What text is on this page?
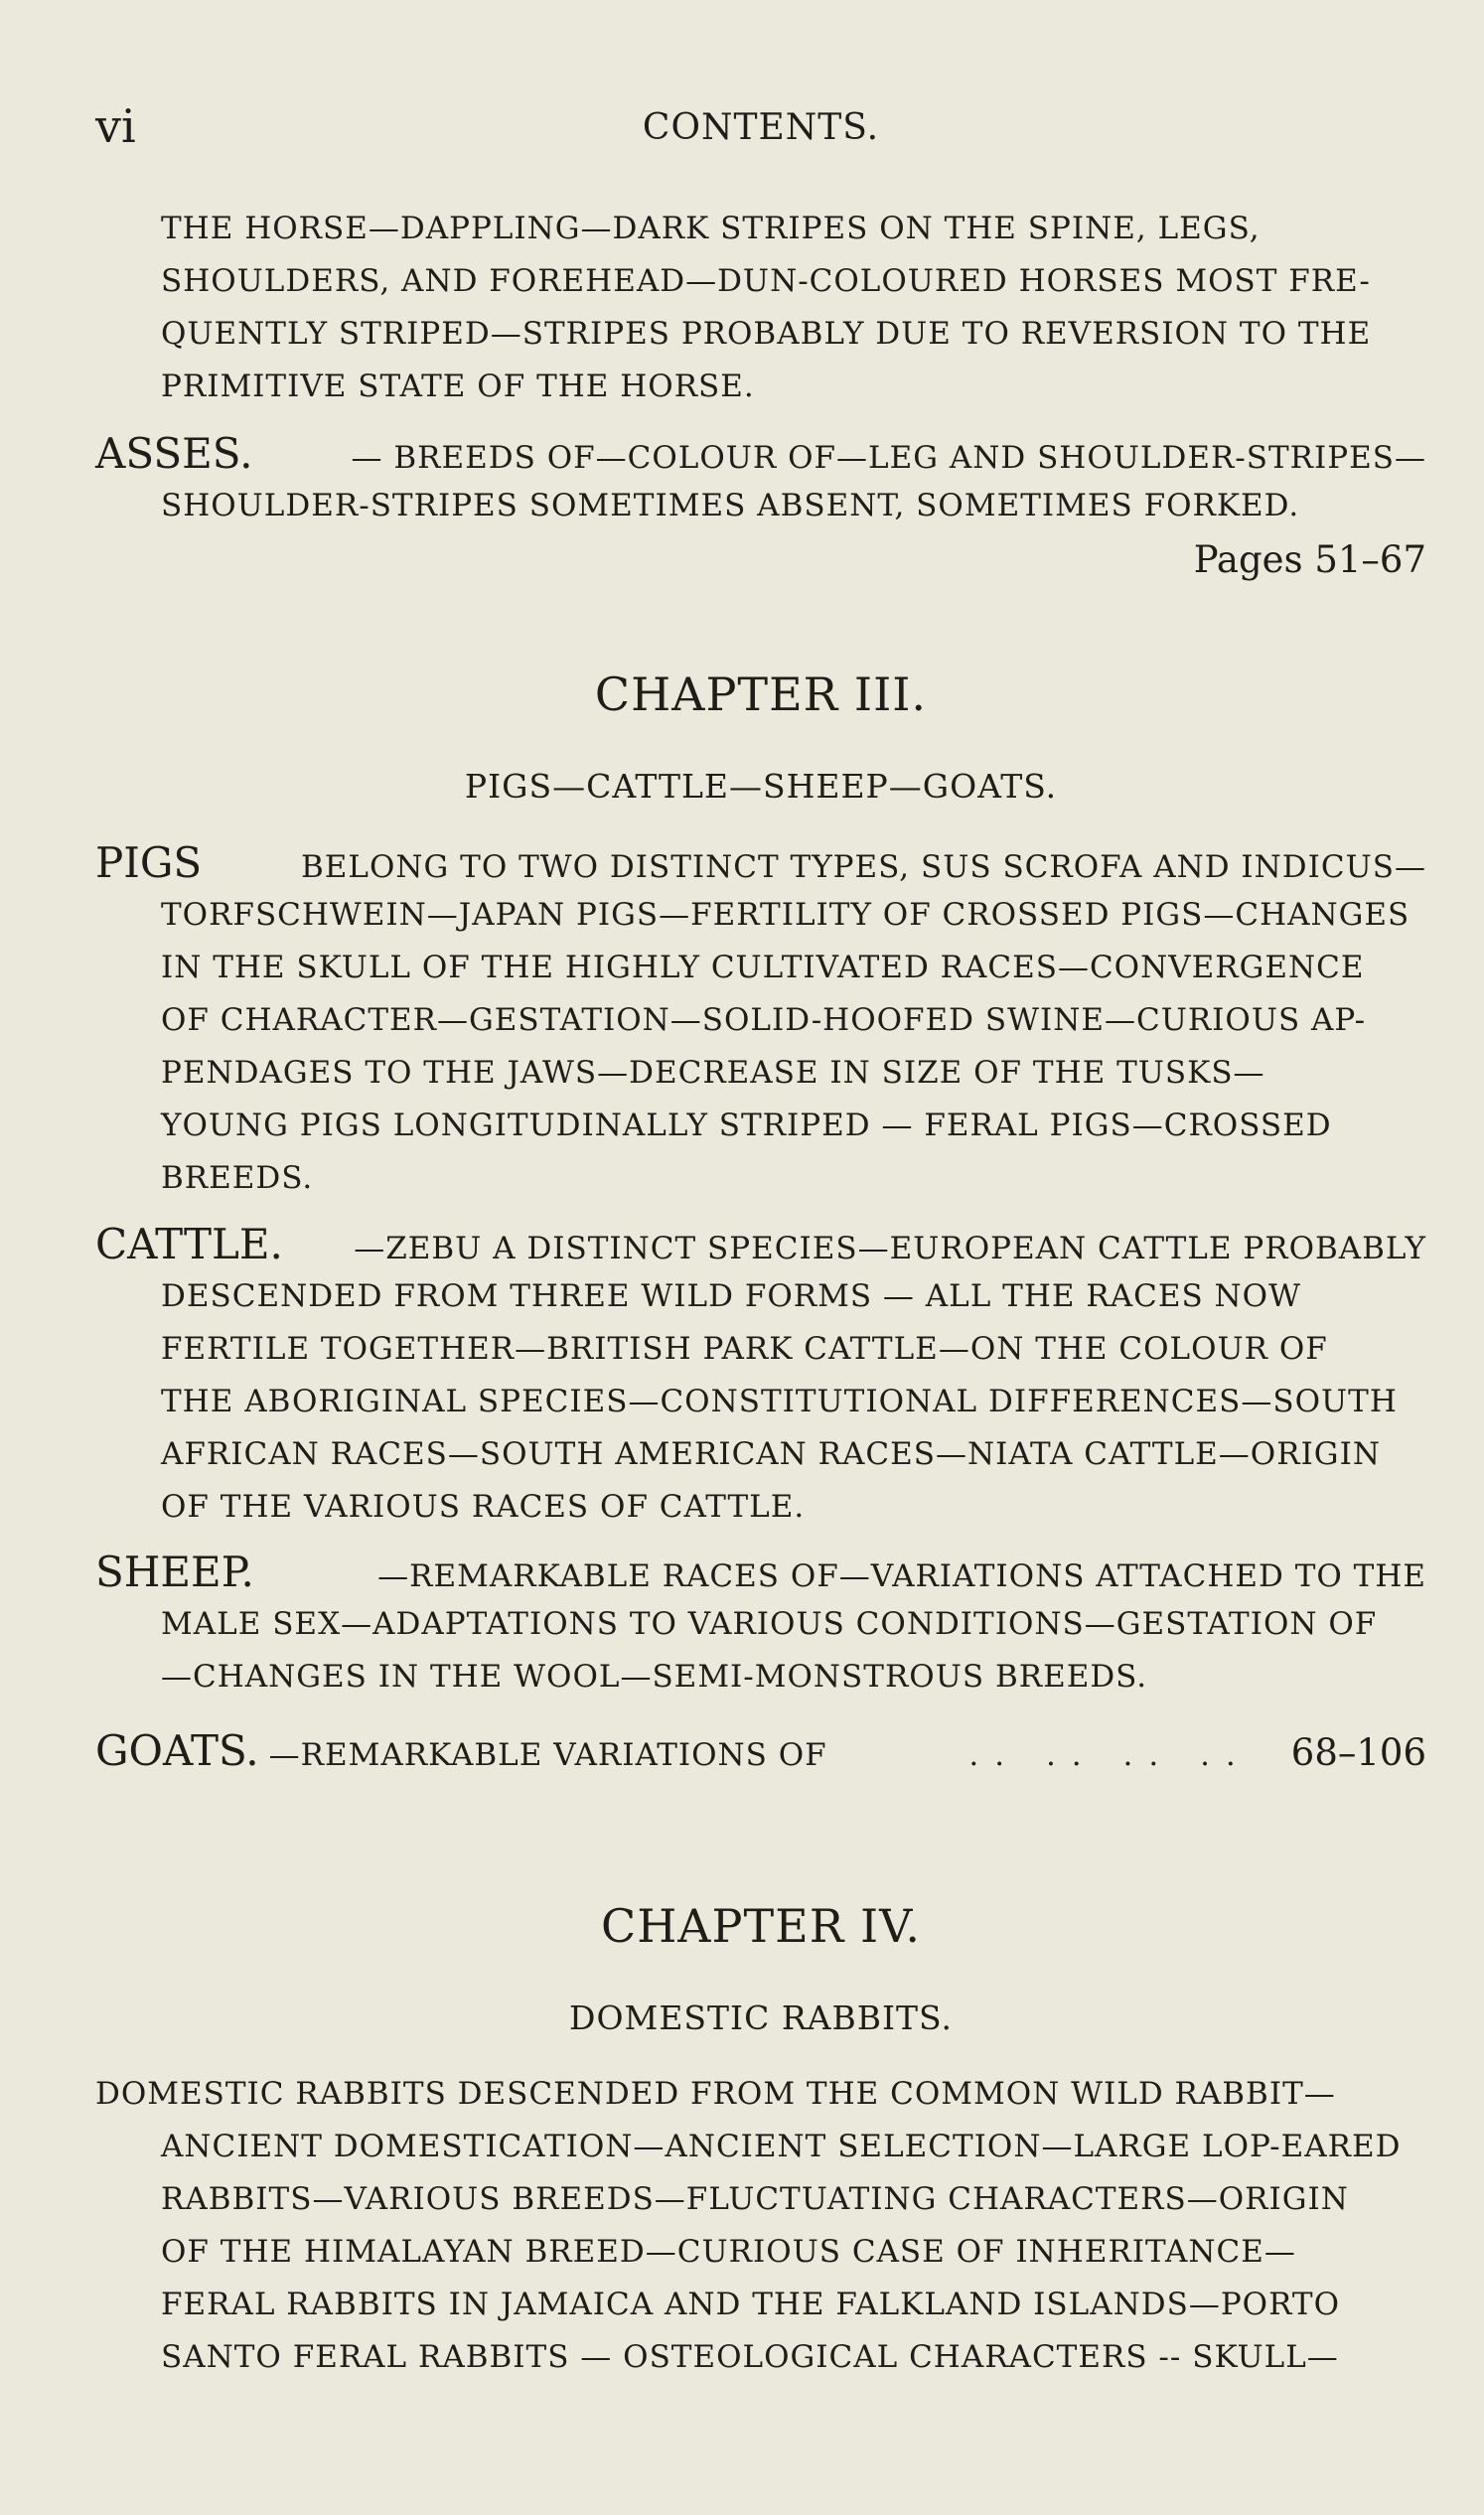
vi	CONTENTS.
THE HORSE—DAPPLING—DARK STRIPES ON THE SPINE, LEGS,
SHOULDERS, AND FOREHEAD—DUN-COLOURED HORSES MOST FRE-
QUENTLY STRIPED—STRIPES PROBABLY DUE TO REVERSION TO THE
PRIMITIVE STATE OF THE HORSE.
ASSES.	— BREEDS OF—COLOUR OF—LEG AND SHOULDER-STRIPES—
SHOULDER-STRIPES SOMETIMES ABSENT, SOMETIMES FORKED.
Pages 51–67
CHAPTER III.
PIGS—CATTLE—SHEEP—GOATS.
PIGS	BELONG TO TWO DISTINCT TYPES, SUS SCROFA AND INDICUS—
TORFSCHWEIN—JAPAN PIGS—FERTILITY OF CROSSED PIGS—CHANGES
IN THE SKULL OF THE HIGHLY CULTIVATED RACES—CONVERGENCE
OF CHARACTER—GESTATION—SOLID-HOOFED SWINE—CURIOUS AP-
PENDAGES TO THE JAWS—DECREASE IN SIZE OF THE TUSKS—
YOUNG PIGS LONGITUDINALLY STRIPED — FERAL PIGS—CROSSED
BREEDS.
CATTLE. —ZEBU A DISTINCT SPECIES—EUROPEAN CATTLE PROBABLY
DESCENDED FROM THREE WILD FORMS — ALL THE RACES NOW
FERTILE TOGETHER—BRITISH PARK CATTLE—ON THE COLOUR OF
THE ABORIGINAL SPECIES—CONSTITUTIONAL DIFFERENCES—SOUTH
AFRICAN RACES—SOUTH AMERICAN RACES—NIATA CATTLE—ORIGIN
OF THE VARIOUS RACES OF CATTLE.
SHEEP.	—REMARKABLE RACES OF—VARIATIONS ATTACHED TO THE
MALE SEX—ADAPTATIONS TO VARIOUS CONDITIONS—GESTATION OF
—CHANGES IN THE WOOL—SEMI-MONSTROUS BREEDS.
GOATS. —REMARKABLE VARIATIONS OF	.. .. .. ..	68–106
CHAPTER IV.
DOMESTIC RABBITS.
DOMESTIC RABBITS DESCENDED FROM THE COMMON WILD RABBIT—
ANCIENT DOMESTICATION—ANCIENT SELECTION—LARGE LOP-EARED
RABBITS—VARIOUS BREEDS—FLUCTUATING CHARACTERS—ORIGIN
OF THE HIMALAYAN BREED—CURIOUS CASE OF INHERITANCE—
FERAL RABBITS IN JAMAICA AND THE FALKLAND ISLANDS—PORTO
SANTO FERAL RABBITS — OSTEOLOGICAL CHARACTERS -- SKULL—
